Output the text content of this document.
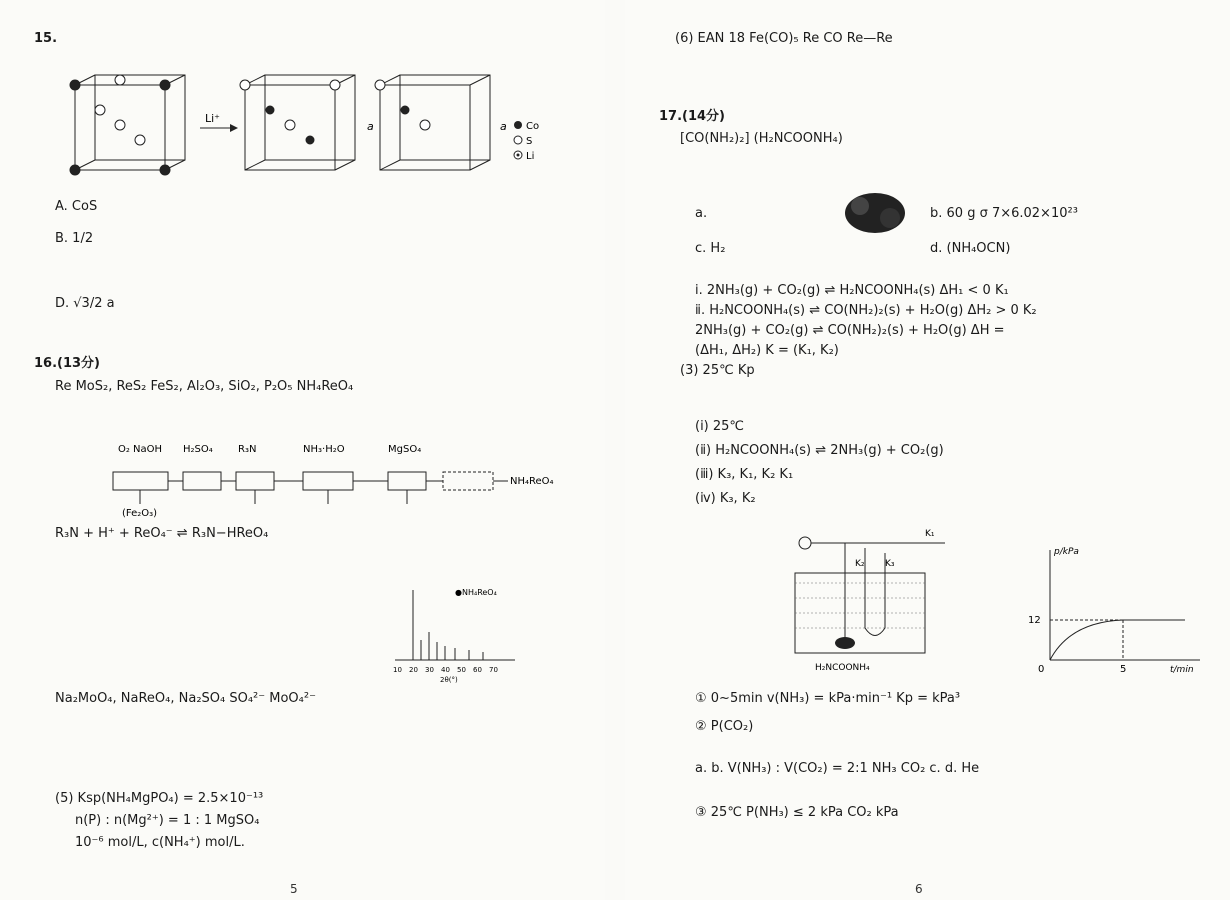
15.
Li⁺
a	a Co
S
Li
A. CoS
B. 1/2
D. √3/2 a
16.(13分)
Re MoS₂, ReS₂ FeS₂, Al₂O₃, SiO₂, P₂O₅ NH₄ReO₄
O₂ NaOH H₂SO₄	R₃N	NH₃·H₂O	MgSO₄
NH₄ReO₄
(Fe₂O₃)
R₃N + H⁺ + ReO₄⁻ ⇌ R₃N−HReO₄
●NH₄ReO₄
10 20 30 40 50 60 70
2θ(°)
Na₂MoO₄, NaReO₄, Na₂SO₄ SO₄²⁻ MoO₄²⁻
(5) Ksp(NH₄MgPO₄) = 2.5×10⁻¹³
n(P) : n(Mg²⁺) = 1 : 1 MgSO₄
10⁻⁶ mol/L, c(NH₄⁺) mol/L.
5
(6) EAN 18 Fe(CO)₅ Re CO Re—Re
17.(14分)
[CO(NH₂)₂] (H₂NCOONH₄)
a.	b. 60 g σ 7×6.02×10²³
c. H₂	d. (NH₄OCN)
ⅰ. 2NH₃(g) + CO₂(g) ⇌ H₂NCOONH₄(s) ΔH₁ < 0 K₁
ⅱ. H₂NCOONH₄(s) ⇌ CO(NH₂)₂(s) + H₂O(g) ΔH₂ > 0 K₂
2NH₃(g) + CO₂(g) ⇌ CO(NH₂)₂(s) + H₂O(g) ΔH =
(ΔH₁, ΔH₂) K = (K₁, K₂)
(3) 25℃ Kp
(ⅰ) 25℃
(ⅱ) H₂NCOONH₄(s) ⇌ 2NH₃(g) + CO₂(g)
(ⅲ) K₃, K₁, K₂ K₁
(ⅳ) K₃, K₂
K₁
K₂ K₃
H₂NCOONH₄
p/kPa
t/min
12
5
0
① 0~5min v(NH₃) = kPa·min⁻¹ Kp = kPa³
② P(CO₂)
a. b. V(NH₃) : V(CO₂) = 2:1 NH₃ CO₂ c. d. He
③ 25℃ P(NH₃) ≤ 2 kPa CO₂ kPa
6
